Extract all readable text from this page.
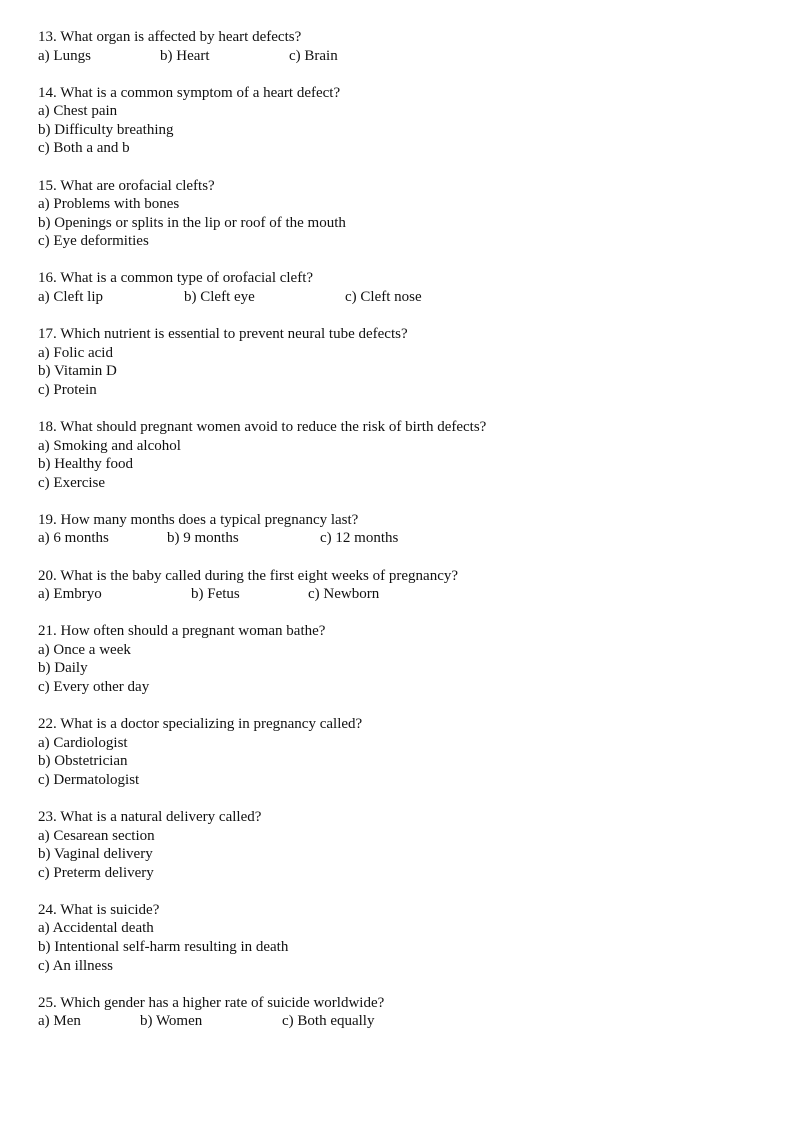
13. What organ is affected by heart defects?
a) Lungs	b) Heart	c) Brain
14. What is a common symptom of a heart defect?
a) Chest pain
b) Difficulty breathing
c) Both a and b
15. What are orofacial clefts?
a) Problems with bones
b) Openings or splits in the lip or roof of the mouth
c) Eye deformities
16. What is a common type of orofacial cleft?
a) Cleft lip	b) Cleft eye	c) Cleft nose
17. Which nutrient is essential to prevent neural tube defects?
a) Folic acid
b) Vitamin D
c) Protein
18. What should pregnant women avoid to reduce the risk of birth defects?
a) Smoking and alcohol
b) Healthy food
c) Exercise
19. How many months does a typical pregnancy last?
a) 6 months	b) 9 months	c) 12 months
20. What is the baby called during the first eight weeks of pregnancy?
a) Embryo	b) Fetus	c) Newborn
21. How often should a pregnant woman bathe?
a) Once a week
b) Daily
c) Every other day
22. What is a doctor specializing in pregnancy called?
a) Cardiologist
b) Obstetrician
c) Dermatologist
23. What is a natural delivery called?
a) Cesarean section
b) Vaginal delivery
c) Preterm delivery
24. What is suicide?
a) Accidental death
b) Intentional self-harm resulting in death
c) An illness
25. Which gender has a higher rate of suicide worldwide?
a) Men	b) Women	c) Both equally
